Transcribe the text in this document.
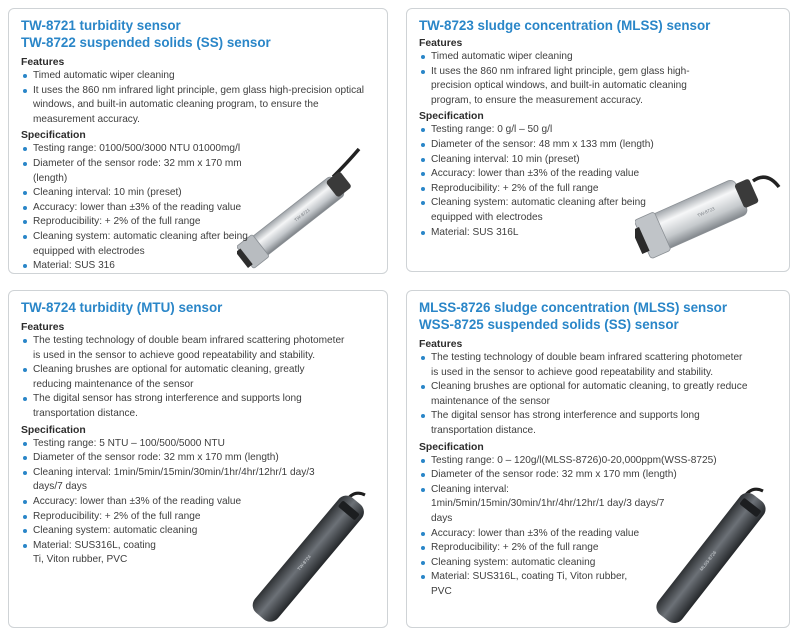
TW-8721 turbidity sensor
TW-8722 suspended solids (SS) sensor
Features
Timed automatic wiper cleaning
It uses the 860 nm infrared light principle, gem glass high-precision optical windows, and built-in automatic cleaning program, to ensure the measurement accuracy.
Specification
Testing range: 0100/500/3000 NTU 01000mg/l
Diameter of the sensor rode: 32 mm x 170 mm (length)
Cleaning interval: 10 min (preset)
Accuracy: lower than ±3% of the reading value
Reproducibility: + 2% of the full range
Cleaning system: automatic cleaning after being equipped with electrodes
Material: SUS 316
TW-8721
TW-8723 sludge concentration (MLSS) sensor
Features
Timed automatic wiper cleaning
It uses the 860 nm infrared light principle, gem glass high-precision optical windows, and built-in automatic cleaning program, to ensure the measurement accuracy.
Specification
Testing range: 0 g/l – 50 g/l
Diameter of the sensor: 48 mm x 133 mm (length)
Cleaning interval: 10 min (preset)
Accuracy: lower than ±3% of the reading value
Reproducibility: + 2% of the full range
Cleaning system: automatic cleaning after being equipped with electrodes
Material: SUS 316L
TW-8723
TW-8724 turbidity (MTU) sensor
Features
The testing technology of double beam infrared scattering photometer is used in the sensor to achieve good repeatability and stability.
Cleaning brushes are optional for automatic cleaning, greatly reducing maintenance of the sensor
The digital sensor has strong interference and supports long transportation distance.
Specification
Testing range: 5 NTU – 100/500/5000 NTU
Diameter of the sensor rode: 32 mm x 170 mm (length)
Cleaning interval: 1min/5min/15min/30min/1hr/4hr/12hr/1 day/3 days/7 days
Accuracy: lower than ±3% of the reading value
Reproducibility: + 2% of the full range
Cleaning system: automatic cleaning
Material: SUS316L, coating Ti, Viton rubber, PVC	TW-8724
MLSS-8726 sludge concentration (MLSS) sensor
WSS-8725 suspended solids (SS) sensor
Features
The testing technology of double beam infrared scattering photometer is used in the sensor to achieve good repeatability and stability.
Cleaning brushes are optional for automatic cleaning, to greatly reduce maintenance of the sensor
The digital sensor has strong interference and supports long transportation distance.
Specification
Testing range: 0 – 120g/l(MLSS-8726)0-20,000ppm(WSS-8725)
Diameter of the sensor rode: 32 mm x 170 mm (length)
Cleaning interval: 1min/5min/15min/30min/1hr/4hr/12hr/1 day/3 days/7 days
Accuracy: lower than ±3% of the reading value
Reproducibility: + 2% of the full range
Cleaning system: automatic cleaning
Material: SUS316L, coating Ti, Viton rubber, PVC
MLSS-8726
